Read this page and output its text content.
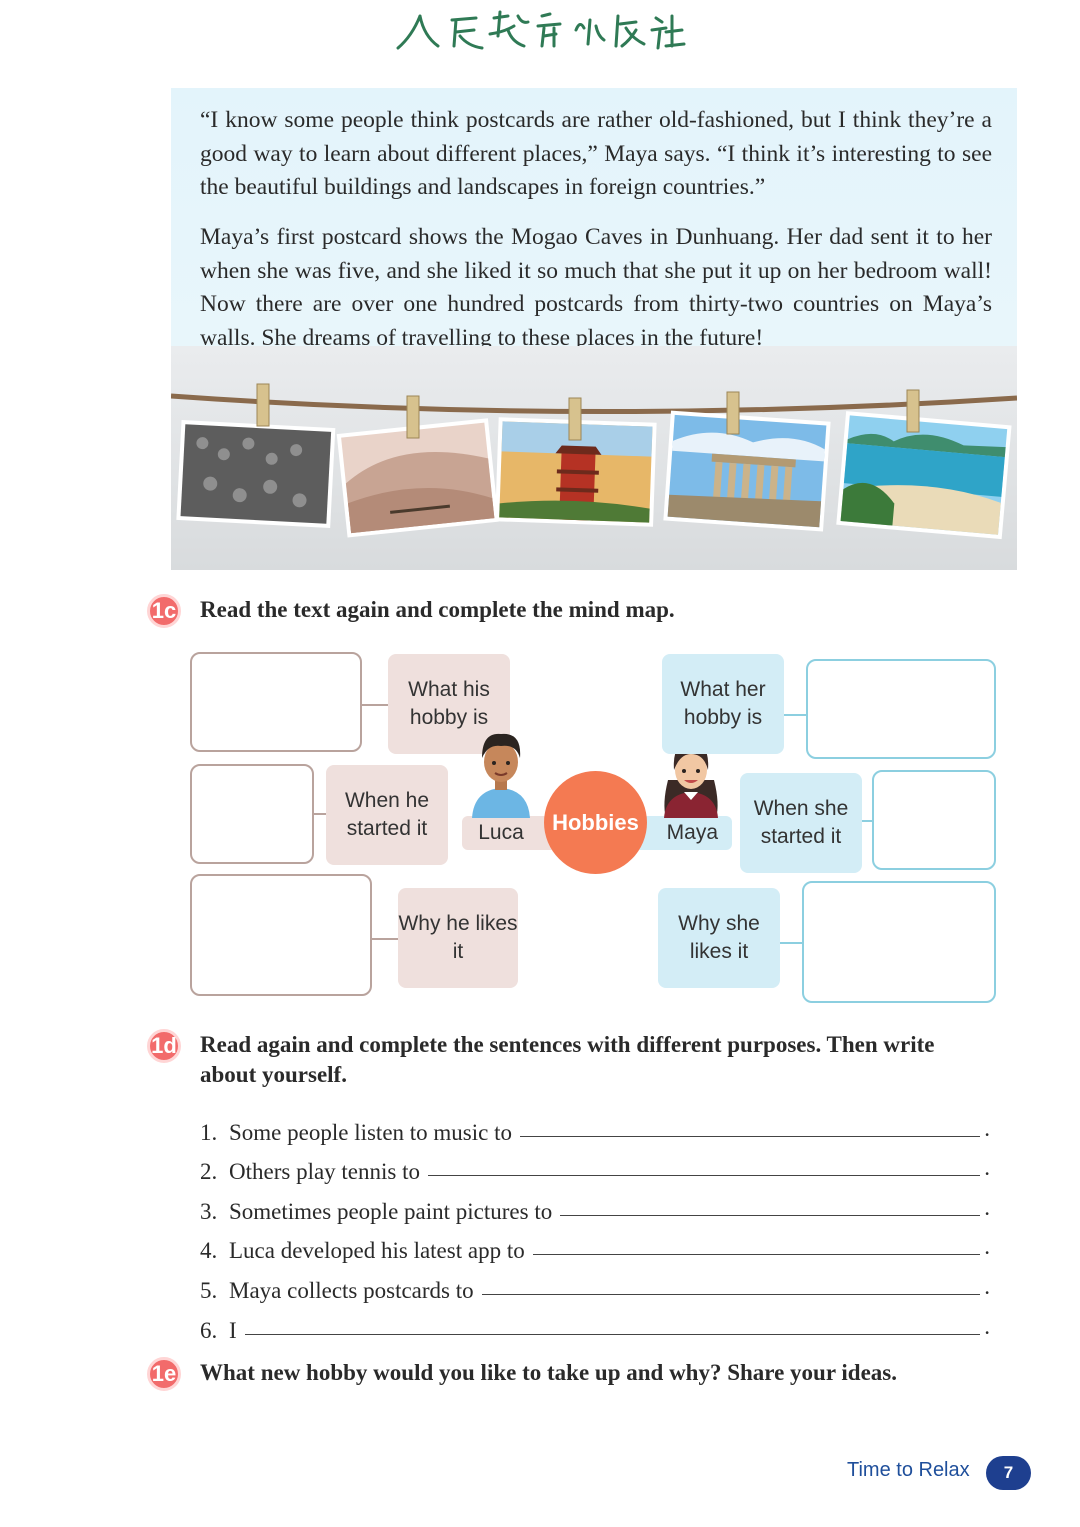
“I know some people think postcards are rather old-fashioned, but I think they’re a good way to learn about different places,” Maya says. “I think it’s interesting to see the beautiful buildings and landscapes in foreign countries.”

Maya’s first postcard shows the Mogao Caves in Dunhuang. Her dad sent it to her when she was five, and she liked it so much that she put it up on her bedroom wall! Now there are over one hundred postcards from thirty-two countries on Maya’s walls. She dreams of travelling to these places in the future!

1c Read the text again and complete the mind map.
What his hobby is
When he started it
Why he likes it
Luca	Maya
Hobbies
What her hobby is
When she started it
Why she likes it
1d Read again and complete the sentences with different purposes. Then write about yourself.
1. Some people listen to music to	.
2. Others play tennis to	.
3. Sometimes people paint pictures to	.
4. Luca developed his latest app to	.
5. Maya collects postcards to	.
6. I	.
1e What new hobby would you like to take up and why? Share your ideas.
Time to Relax	7
